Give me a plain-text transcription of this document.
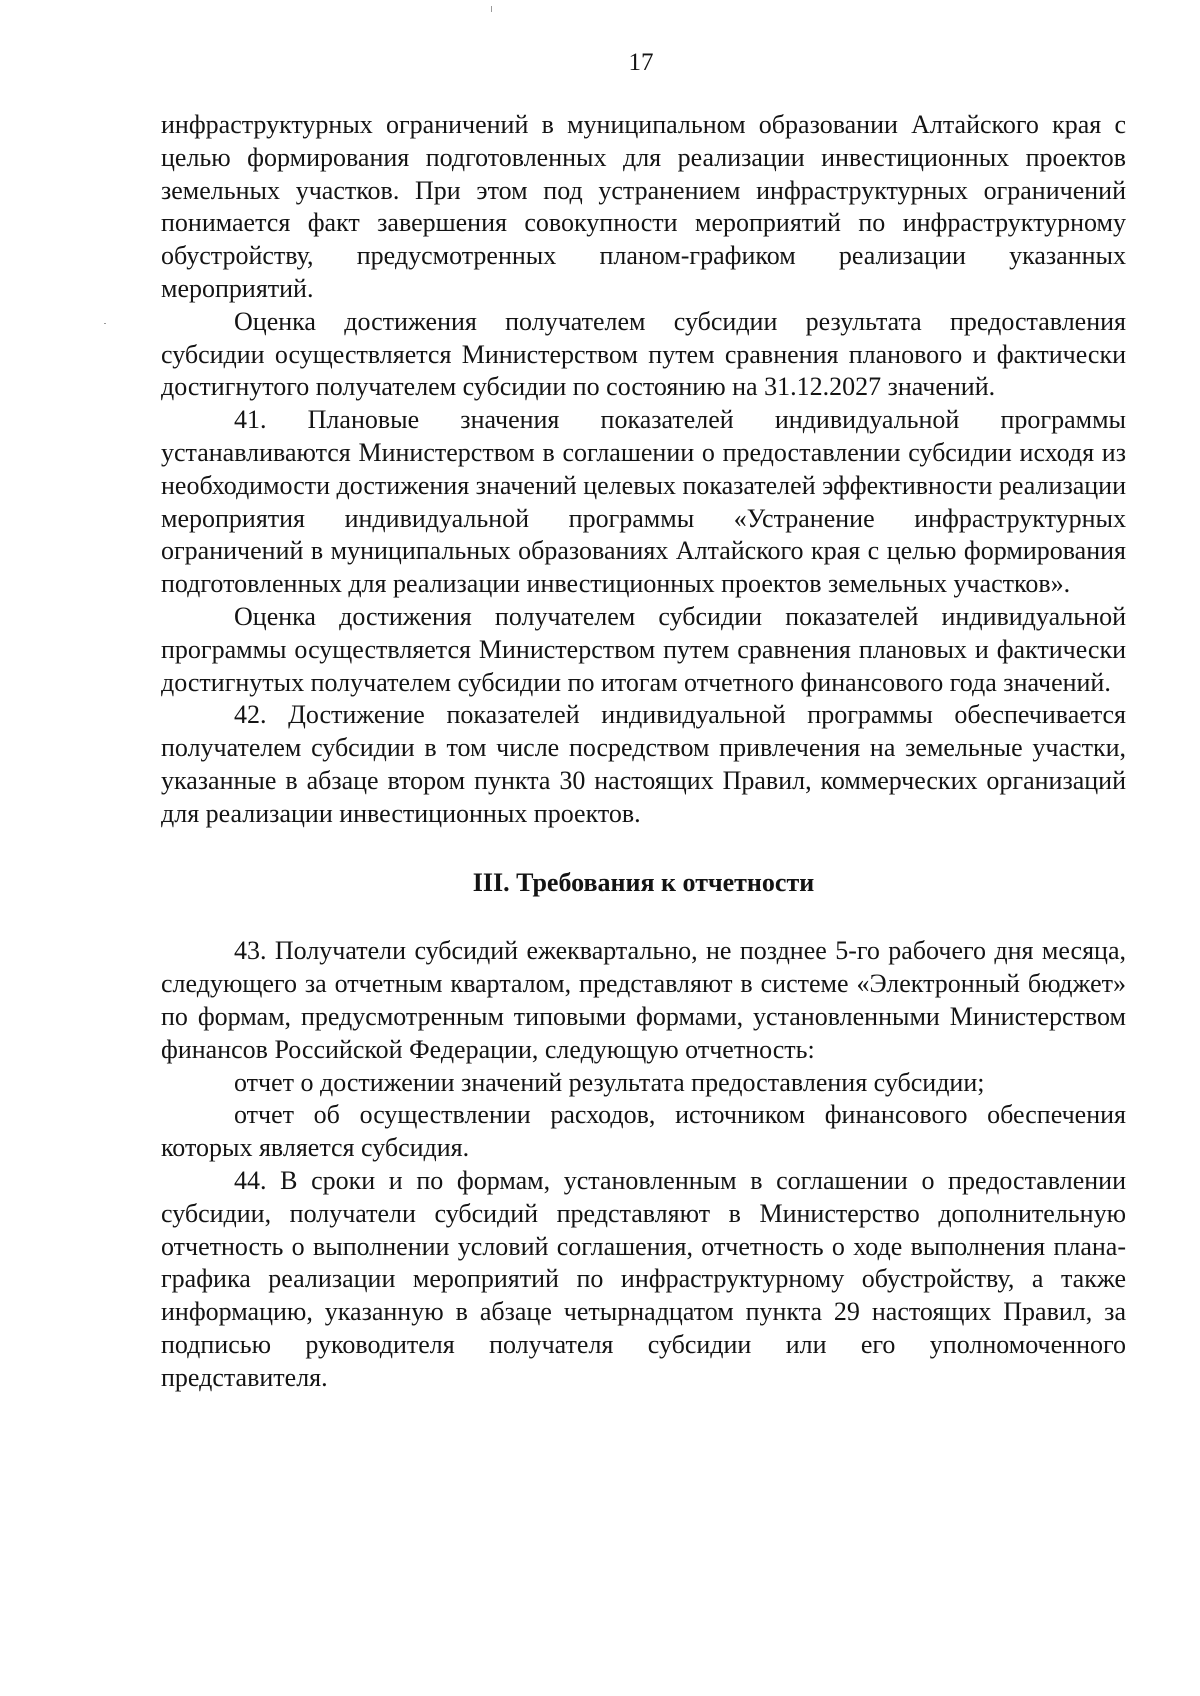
17

инфраструктурных ограничений в муниципальном образовании Алтайского края с целью формирования подготовленных для реализации инвестиционных проектов земельных участков. При этом под устранением инфраструктурных ограничений понимается факт завершения совокупности мероприятий по инфраструктурному обустройству, предусмотренных планом-графиком реализации указанных мероприятий.

Оценка достижения получателем субсидии результата предоставления субсидии осуществляется Министерством путем сравнения планового и фактически достигнутого получателем субсидии по состоянию на 31.12.2027 значений.

41. Плановые значения показателей индивидуальной программы устанавливаются Министерством в соглашении о предоставлении субсидии исходя из необходимости достижения значений целевых показателей эффективности реализации мероприятия индивидуальной программы «Устранение инфраструктурных ограничений в муниципальных образованиях Алтайского края с целью формирования подготовленных для реализации инвестиционных проектов земельных участков».

Оценка достижения получателем субсидии показателей индивидуальной программы осуществляется Министерством путем сравнения плановых и фактически достигнутых получателем субсидии по итогам отчетного финансового года значений.

42. Достижение показателей индивидуальной программы обеспечивается получателем субсидии в том числе посредством привлечения на земельные участки, указанные в абзаце втором пункта 30 настоящих Правил, коммерческих организаций для реализации инвестиционных проектов.

III. Требования к отчетности

43. Получатели субсидий ежеквартально, не позднее 5-го рабочего дня месяца, следующего за отчетным кварталом, представляют в системе «Электронный бюджет» по формам, предусмотренным типовыми формами, установленными Министерством финансов Российской Федерации, следующую отчетность:

отчет о достижении значений результата предоставления субсидии;

отчет об осуществлении расходов, источником финансового обеспечения которых является субсидия.

44. В сроки и по формам, установленным в соглашении о предоставлении субсидии, получатели субсидий представляют в Министерство дополнительную отчетность о выполнении условий соглашения, отчетность о ходе выполнения плана-графика реализации мероприятий по инфраструктурному обустройству, а также информацию, указанную в абзаце четырнадцатом пункта 29 настоящих Правил, за подписью руководителя получателя субсидии или его уполномоченного представителя.
